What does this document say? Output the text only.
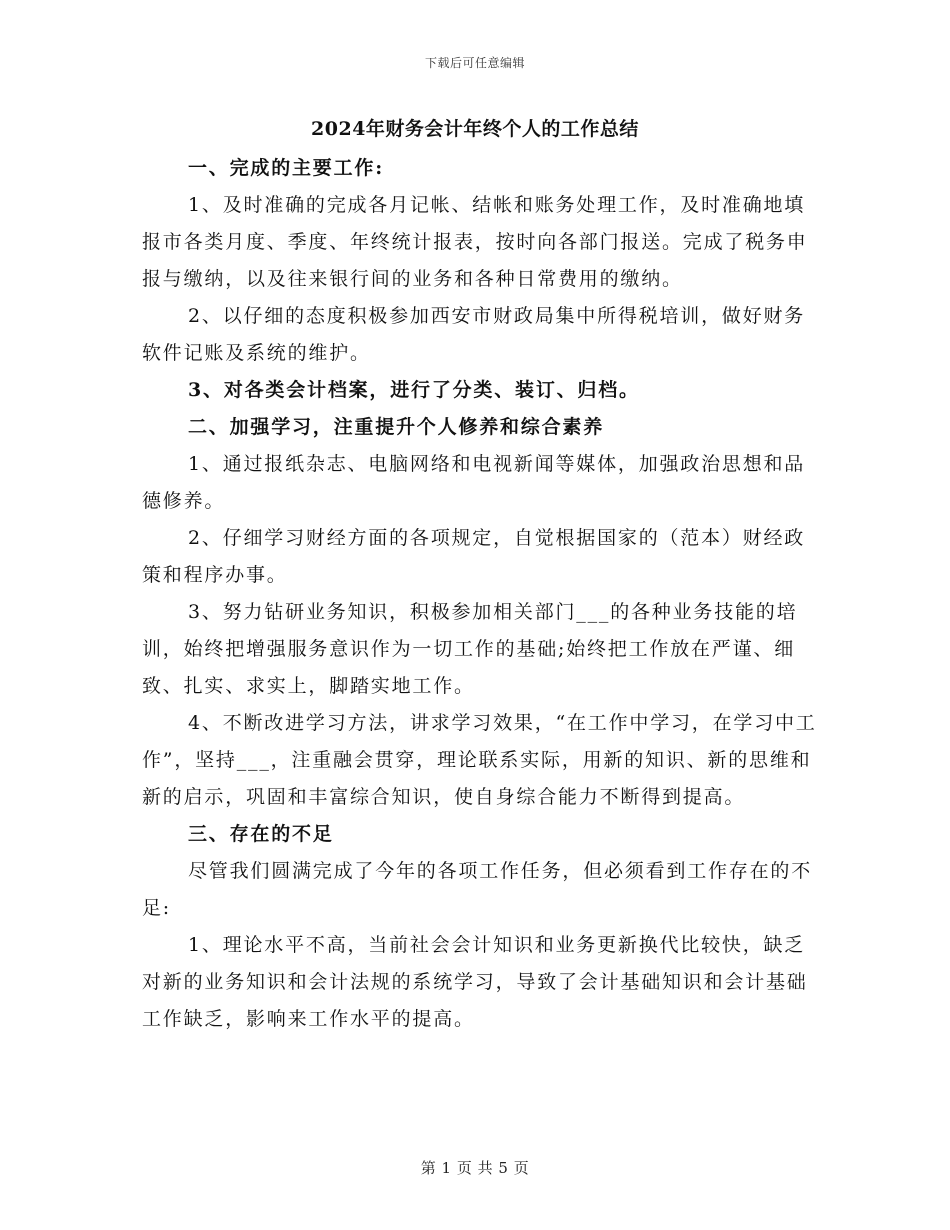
下载后可任意编辑
2024年财务会计年终个人的工作总结

一、完成的主要工作:

1、及时准确的完成各月记帐、结帐和账务处理工作，及时准确地填报市各类月度、季度、年终统计报表，按时向各部门报送。完成了税务申报与缴纳，以及往来银行间的业务和各种日常费用的缴纳。

2、以仔细的态度积极参加西安市财政局集中所得税培训，做好财务软件记账及系统的维护。

3、对各类会计档案，进行了分类、装订、归档。

二、加强学习，注重提升个人修养和综合素养

1、通过报纸杂志、电脑网络和电视新闻等媒体，加强政治思想和品德修养。

2、仔细学习财经方面的各项规定，自觉根据国家的（范本）财经政策和程序办事。

3、努力钻研业务知识，积极参加相关部门___的各种业务技能的培训，始终把增强服务意识作为一切工作的基础;始终把工作放在严谨、细致、扎实、求实上，脚踏实地工作。

4、不断改进学习方法，讲求学习效果，“在工作中学习，在学习中工作”，坚持___，注重融会贯穿，理论联系实际，用新的知识、新的思维和新的启示，巩固和丰富综合知识，使自身综合能力不断得到提高。

三、存在的不足

尽管我们圆满完成了今年的各项工作任务，但必须看到工作存在的不足:

1、理论水平不高，当前社会会计知识和业务更新换代比较快，缺乏对新的业务知识和会计法规的系统学习，导致了会计基础知识和会计基础工作缺乏，影响来工作水平的提高。

第 1 页 共 5 页
